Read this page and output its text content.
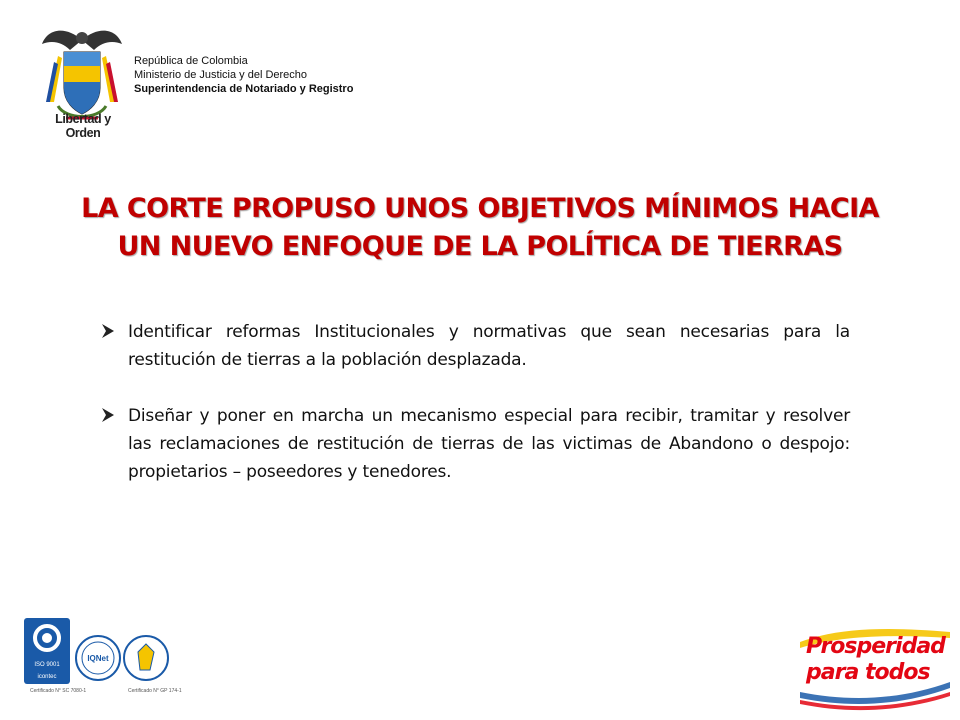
Libertad y Orden
República de Colombia
Ministerio de Justicia y del Derecho
Superintendencia de Notariado y Registro
LA CORTE PROPUSO UNOS OBJETIVOS MÍNIMOS HACIA
UN NUEVO ENFOQUE DE LA POLÍTICA DE TIERRAS
Identificar reformas Institucionales y normativas que sean necesarias para la restitución de tierras a la población desplazada.
Diseñar y poner en marcha un mecanismo especial para recibir, tramitar y resolver las reclamaciones de restitución de tierras de las victimas de Abandono o despojo: propietarios – poseedores y tenedores.
ISO 9001
icontec
IQNet
Certificado N° SC 7080-1	Certificado N° GP 174-1
Prosperidad
para todos
